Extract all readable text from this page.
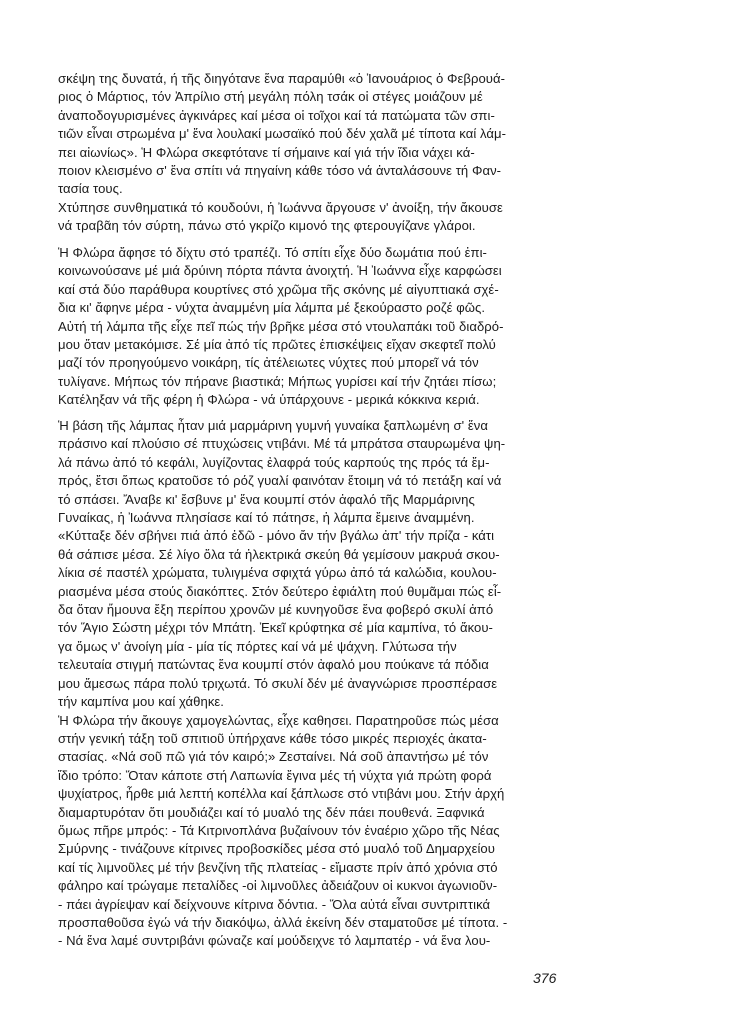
σκέψη της δυνατά, ή τῆς διηγότανε ἕνα παραμύθι «ὁ Ἰανουάριος ὁ Φεβρουά-
ριος ὁ Μάρτιος, τόν Ἀπρίλιο στή μεγάλη πόλη τσάκ οἱ στέγες μοιάζουν μέ
ἀναποδογυρισμένες ἀγκινάρες καί μέσα οἱ τοῖχοι καί τά πατώματα τῶν σπι-
τιῶν εἶναι στρωμένα μ' ἕνα λουλακί μωσαϊκό πού δέν χαλᾶ μέ τίποτα καί λάμ-
πει αἰωνίως». Ἡ Φλώρα σκεφτότανε τί σήμαινε καί γιά τήν ἴδια νάχει κά-
ποιον κλεισμένο σ' ἕνα σπίτι νά πηγαίνη κάθε τόσο νά ἀνταλάσουνε τή Φαν-
τασία τους.
Χτύπησε συνθηματικά τό κουδούνι, ἡ Ἰωάννα ἄργουσε ν' ἀνοίξη, τήν ἄκουσε
νά τραβᾶη τόν σύρτη, πάνω στό γκρίζο κιμονό της φτερουγίζανε γλάροι.
Ἡ Φλώρα ἄφησε τό δίχτυ στό τραπέζι. Τό σπίτι εἶχε δύο δωμάτια πού ἐπι-
κοινωνούσανε μέ μιά δρύινη πόρτα πάντα ἀνοιχτή. Ἡ Ἰωάννα εἶχε καρφώσει
καί στά δύο παράθυρα κουρτίνες στό χρῶμα τῆς σκόνης μέ αἰγυπτιακά σχέ-
δια κι' ἄφηνε μέρα - νύχτα ἀναμμένη μία λάμπα μέ ξεκούραστο ροζέ φῶς.
Αὐτή τή λάμπα τῆς εἶχε πεῖ πώς τήν βρῆκε μέσα στό ντουλαπάκι τοῦ διαδρό-
μου ὅταν μετακόμισε. Σέ μία ἀπό τίς πρῶτες ἐπισκέψεις εἴχαν σκεφτεῖ πολύ
μαζί τόν προηγούμενο νοικάρη, τίς ἀτέλειωτες νύχτες πού μπορεῖ νά τόν
τυλίγανε. Μήπως τόν πήρανε βιαστικά; Μήπως γυρίσει καί τήν ζητάει πίσω;
Κατέληξαν νά τῆς φέρη ἡ Φλώρα - νά ὑπάρχουνε - μερικά κόκκινα κεριά.
Ἡ βάση τῆς λάμπας ἦταν μιά μαρμάρινη γυμνή γυναίκα ξαπλωμένη σ' ἕνα
πράσινο καί πλούσιο σέ πτυχώσεις ντιβάνι. Μέ τά μπράτσα σταυρωμένα ψη-
λά πάνω ἀπό τό κεφάλι, λυγίζοντας ἐλαφρά τούς καρπούς της πρός τά ἔμ-
πρός, ἔτσι ὅπως κρατοῦσε τό ρόζ γυαλί φαινόταν ἕτοιμη νά τό πετάξη καί νά
τό σπάσει. Ἄναβε κι' ἔσβυνε μ' ἕνα κουμπί στόν ἀφαλό τῆς Μαρμάρινης
Γυναίκας, ἡ Ἰωάννα πλησίασε καί τό πάτησε, ἡ λάμπα ἔμεινε ἀναμμένη.
«Κύτταξε δέν σβήνει πιά ἀπό ἐδῶ - μόνο ἄν τήν βγάλω ἀπ' τήν πρίζα - κάτι
θά σάπισε μέσα. Σέ λίγο ὅλα τά ἠλεκτρικά σκεύη θά γεμίσουν μακρυά σκου-
λίκια σέ παστέλ χρώματα, τυλιγμένα σφιχτά γύρω ἀπό τά καλώδια, κουλου-
ριασμένα μέσα στούς διακόπτες. Στόν δεύτερο ἐφιάλτη πού θυμᾶμαι πώς εἶ-
δα ὅταν ἤμουνα ἔξη περίπου χρονῶν μέ κυνηγοῦσε ἕνα φοβερό σκυλί ἀπό
τόν Ἅγιο Σώστη μέχρι τόν Μπάτη. Ἐκεῖ κρύφτηκα σέ μία καμπίνα, τό ἄκου-
γα ὅμως ν' ἀνοίγη μία - μία τίς πόρτες καί νά μέ ψάχνη. Γλύτωσα τήν
τελευταία στιγμή πατώντας ἕνα κουμπί στόν ἀφαλό μου πούκανε τά πόδια
μου ἄμεσως πάρα πολύ τριχωτά. Τό σκυλί δέν μέ ἀναγνώρισε προσπέρασε
τήν καμπίνα μου καί χάθηκε.
Ἡ Φλώρα τήν ἄκουγε χαμογελώντας, εἶχε καθησει. Παρατηροῦσε πώς μέσα
στήν γενική τάξη τοῦ σπιτιοῦ ὑπήρχανε κάθε τόσο μικρές περιοχές ἀκατα-
στασίας. «Νά σοῦ πῶ γιά τόν καιρό;» Ζεσταίνει. Νά σοῦ ἀπαντήσω μέ τόν
ἴδιο τρόπο: Ὅταν κάποτε στή Λαπωνία ἔγινα μές τή νύχτα γιά πρώτη φορά
ψυχίατρος, ἦρθε μιά λεπτή κοπέλλα καί ξάπλωσε στό ντιβάνι μου. Στήν ἀρχή
διαμαρτυρόταν ὅτι μουδιάζει καί τό μυαλό της δέν πάει πουθενά. Ξαφνικά
ὅμως πῆρε μπρός: - Τά Κιτρινοπλάνα βυζαίνουν τόν ἐναέριο χῶρο τῆς Νέας
Σμύρνης - τινάζουνε κίτρινες προβοσκίδες μέσα στό μυαλό τοῦ Δημαρχείου
καί τίς λιμνοῦλες μέ τήν βενζίνη τῆς πλατείας - εἴμαστε πρίν ἀπό χρόνια στό
φάληρο καί τρώγαμε πεταλίδες -οἱ λιμνοῦλες ἀδειάζουν οἱ κυκνοι ἀγωνιοῦν-
- πάει ἀγρίεψαν καί δείχνουνε κίτρινα δόντια. - Ὅλα αὐτά εἶναι συντριπτικά
προσπαθοῦσα ἐγώ νά τήν διακόψω, ἀλλά ἐκείνη δέν σταματοῦσε μέ τίποτα. -
- Νά ἕνα λαμέ συντριβάνι φώναζε καί μούδειχνε τό λαμπατέρ - νά ἕνα λου-
376
